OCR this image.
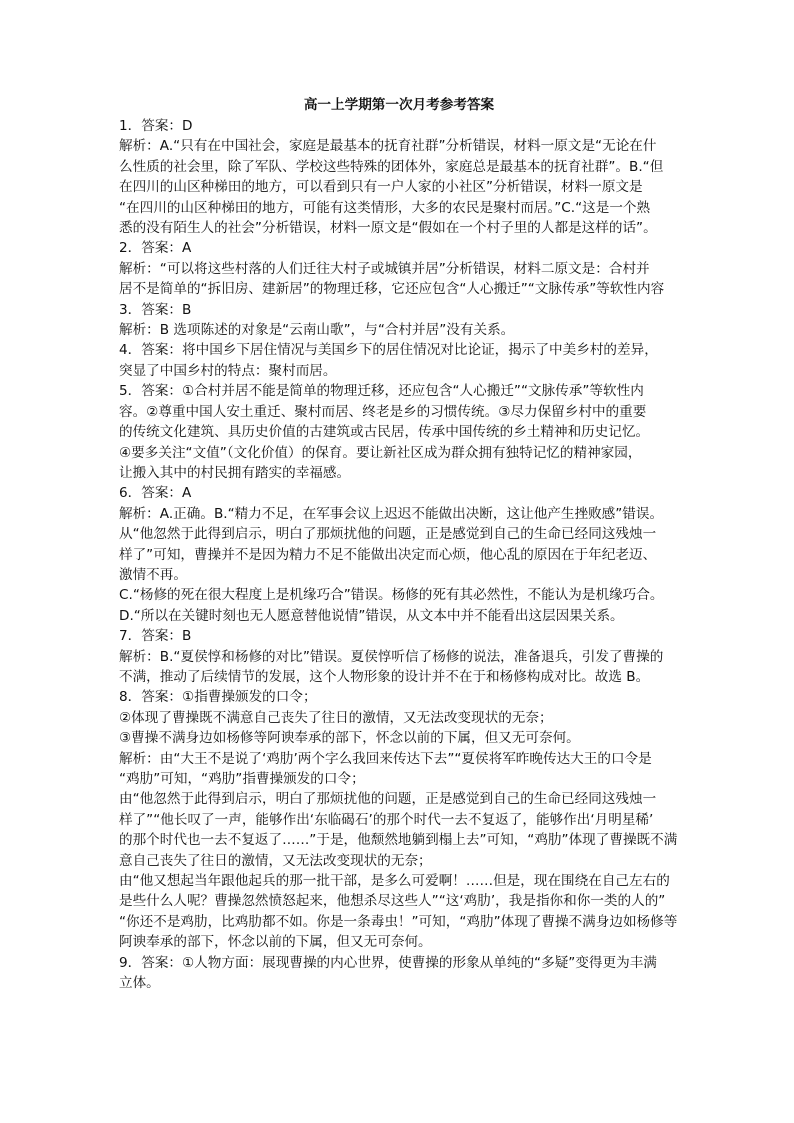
高一上学期第一次月考参考答案
1．答案：D
解析：A.“只有在中国社会，家庭是最基本的抚育社群”分析错误，材料一原文是“无论在什
么性质的社会里，除了军队、学校这些特殊的团体外，家庭总是最基本的抚育社群”。B.“但
在四川的山区种梯田的地方，可以看到只有一户人家的小社区”分析错误，材料一原文是
“在四川的山区种梯田的地方，可能有这类情形，大多的农民是聚村而居。”C.“这是一个熟
悉的没有陌生人的社会”分析错误，材料一原文是“假如在一个村子里的人都是这样的话”。
2．答案：A
解析：“可以将这些村落的人们迁往大村子或城镇并居”分析错误，材料二原文是：合村并
居不是简单的“拆旧房、建新居”的物理迁移，它还应包含“人心搬迁”“文脉传承”等软性内容
3．答案：B
解析：B 选项陈述的对象是“云南山歌”，与“合村并居”没有关系。
4．答案：将中国乡下居住情况与美国乡下的居住情况对比论证，揭示了中美乡村的差异，
突显了中国乡村的特点：聚村而居。
5．答案：①合村并居不能是简单的物理迁移，还应包含“人心搬迁”“文脉传承”等软性内
容。②尊重中国人安土重迁、聚村而居、终老是乡的习惯传统。③尽力保留乡村中的重要
的传统文化建筑、具历史价值的古建筑或古民居，传承中国传统的乡土精神和历史记忆。
④要多关注“文值”（文化价值）的保育。要让新社区成为群众拥有独特记忆的精神家园，
让搬入其中的村民拥有踏实的幸福感。
6．答案：A
解析：A.正确。B.“精力不足，在军事会议上迟迟不能做出决断，这让他产生挫败感”错误。
从“他忽然于此得到启示，明白了那烦扰他的问题，正是感觉到自己的生命已经同这残烛一
样了”可知，曹操并不是因为精力不足不能做出决定而心烦，他心乱的原因在于年纪老迈、
激情不再。
C.“杨修的死在很大程度上是机缘巧合”错误。杨修的死有其必然性，不能认为是机缘巧合。
D.“所以在关键时刻也无人愿意替他说情”错误，从文本中并不能看出这层因果关系。
7．答案：B
解析：B.“夏侯惇和杨修的对比”错误。夏侯惇听信了杨修的说法，准备退兵，引发了曹操的
不满，推动了后续情节的发展，这个人物形象的设计并不在于和杨修构成对比。故选 B。
8．答案：①指曹操颁发的口令；
②体现了曹操既不满意自己丧失了往日的激情，又无法改变现状的无奈；
③曹操不满身边如杨修等阿谀奉承的部下，怀念以前的下属，但又无可奈何。
解析：由“大王不是说了‘鸡肋’两个字么我回来传达下去”“夏侯将军昨晚传达大王的口令是
“鸡肋”可知，“鸡肋”指曹操颁发的口令；
由“他忽然于此得到启示，明白了那烦扰他的问题，正是感觉到自己的生命已经同这残烛一
样了”“他长叹了一声，能够作出‘东临碣石’的那个时代一去不复返了，能够作出‘月明星稀’
的那个时代也一去不复返了……”于是，他颓然地躺到榻上去”可知，“鸡肋”体现了曹操既不满
意自己丧失了往日的激情，又无法改变现状的无奈；
由“他又想起当年跟他起兵的那一批干部，是多么可爱啊！……但是，现在围绕在自己左右的
是些什么人呢？曹操忽然愤怒起来，他想杀尽这些人”“这‘鸡肋’，我是指你和你一类的人的”
“你还不是鸡肋，比鸡肋都不如。你是一条毒虫！”可知，“鸡肋”体现了曹操不满身边如杨修等
阿谀奉承的部下，怀念以前的下属，但又无可奈何。
9．答案：①人物方面：展现曹操的内心世界，使曹操的形象从单纯的“多疑”变得更为丰满
立体。
